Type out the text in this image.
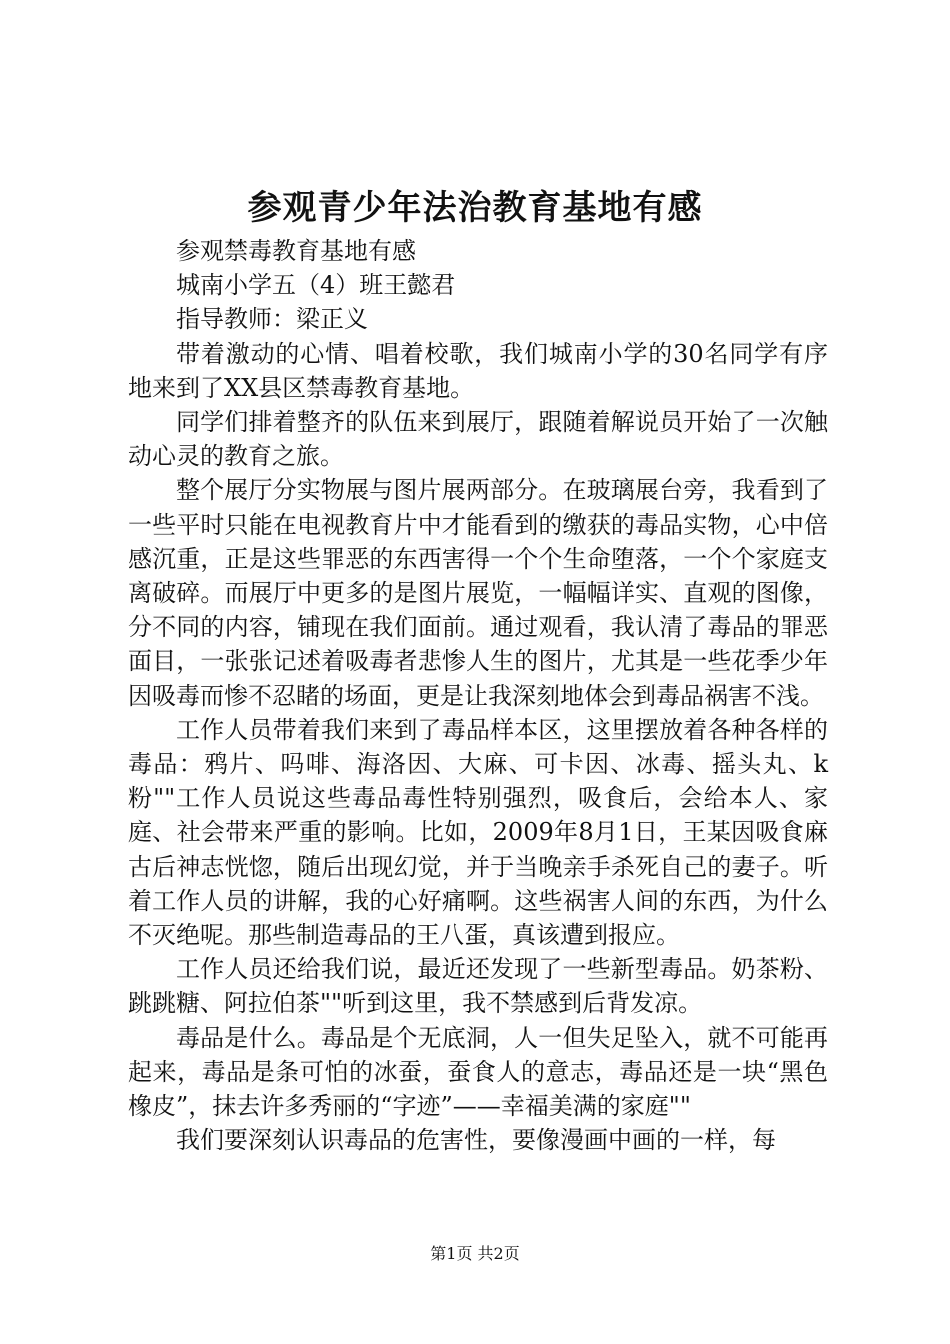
参观青少年法治教育基地有感

参观禁毒教育基地有感

城南小学五（4）班王懿君

指导教师：梁正义

带着激动的心情、唱着校歌，我们城南小学的30名同学有序地来到了XX县区禁毒教育基地。

同学们排着整齐的队伍来到展厅，跟随着解说员开始了一次触动心灵的教育之旅。

整个展厅分实物展与图片展两部分。在玻璃展台旁，我看到了一些平时只能在电视教育片中才能看到的缴获的毒品实物，心中倍感沉重，正是这些罪恶的东西害得一个个生命堕落，一个个家庭支离破碎。而展厅中更多的是图片展览，一幅幅详实、直观的图像，分不同的内容，铺现在我们面前。通过观看，我认清了毒品的罪恶面目，一张张记述着吸毒者悲惨人生的图片，尤其是一些花季少年因吸毒而惨不忍睹的场面，更是让我深刻地体会到毒品祸害不浅。

工作人员带着我们来到了毒品样本区，这里摆放着各种各样的毒品：鸦片、吗啡、海洛因、大麻、可卡因、冰毒、摇头丸、k粉""工作人员说这些毒品毒性特别强烈，吸食后，会给本人、家庭、社会带来严重的影响。比如，2009年8月1日，王某因吸食麻古后神志恍惚，随后出现幻觉，并于当晚亲手杀死自己的妻子。听着工作人员的讲解，我的心好痛啊。这些祸害人间的东西，为什么不灭绝呢。那些制造毒品的王八蛋，真该遭到报应。

工作人员还给我们说，最近还发现了一些新型毒品。奶茶粉、跳跳糖、阿拉伯茶""听到这里，我不禁感到后背发凉。

毒品是什么。毒品是个无底洞，人一但失足坠入，就不可能再起来，毒品是条可怕的冰蚕，蚕食人的意志，毒品还是一块“黑色橡皮”，抹去许多秀丽的“字迹”——幸福美满的家庭""

我们要深刻认识毒品的危害性，要像漫画中画的一样，每

第1页 共2页
